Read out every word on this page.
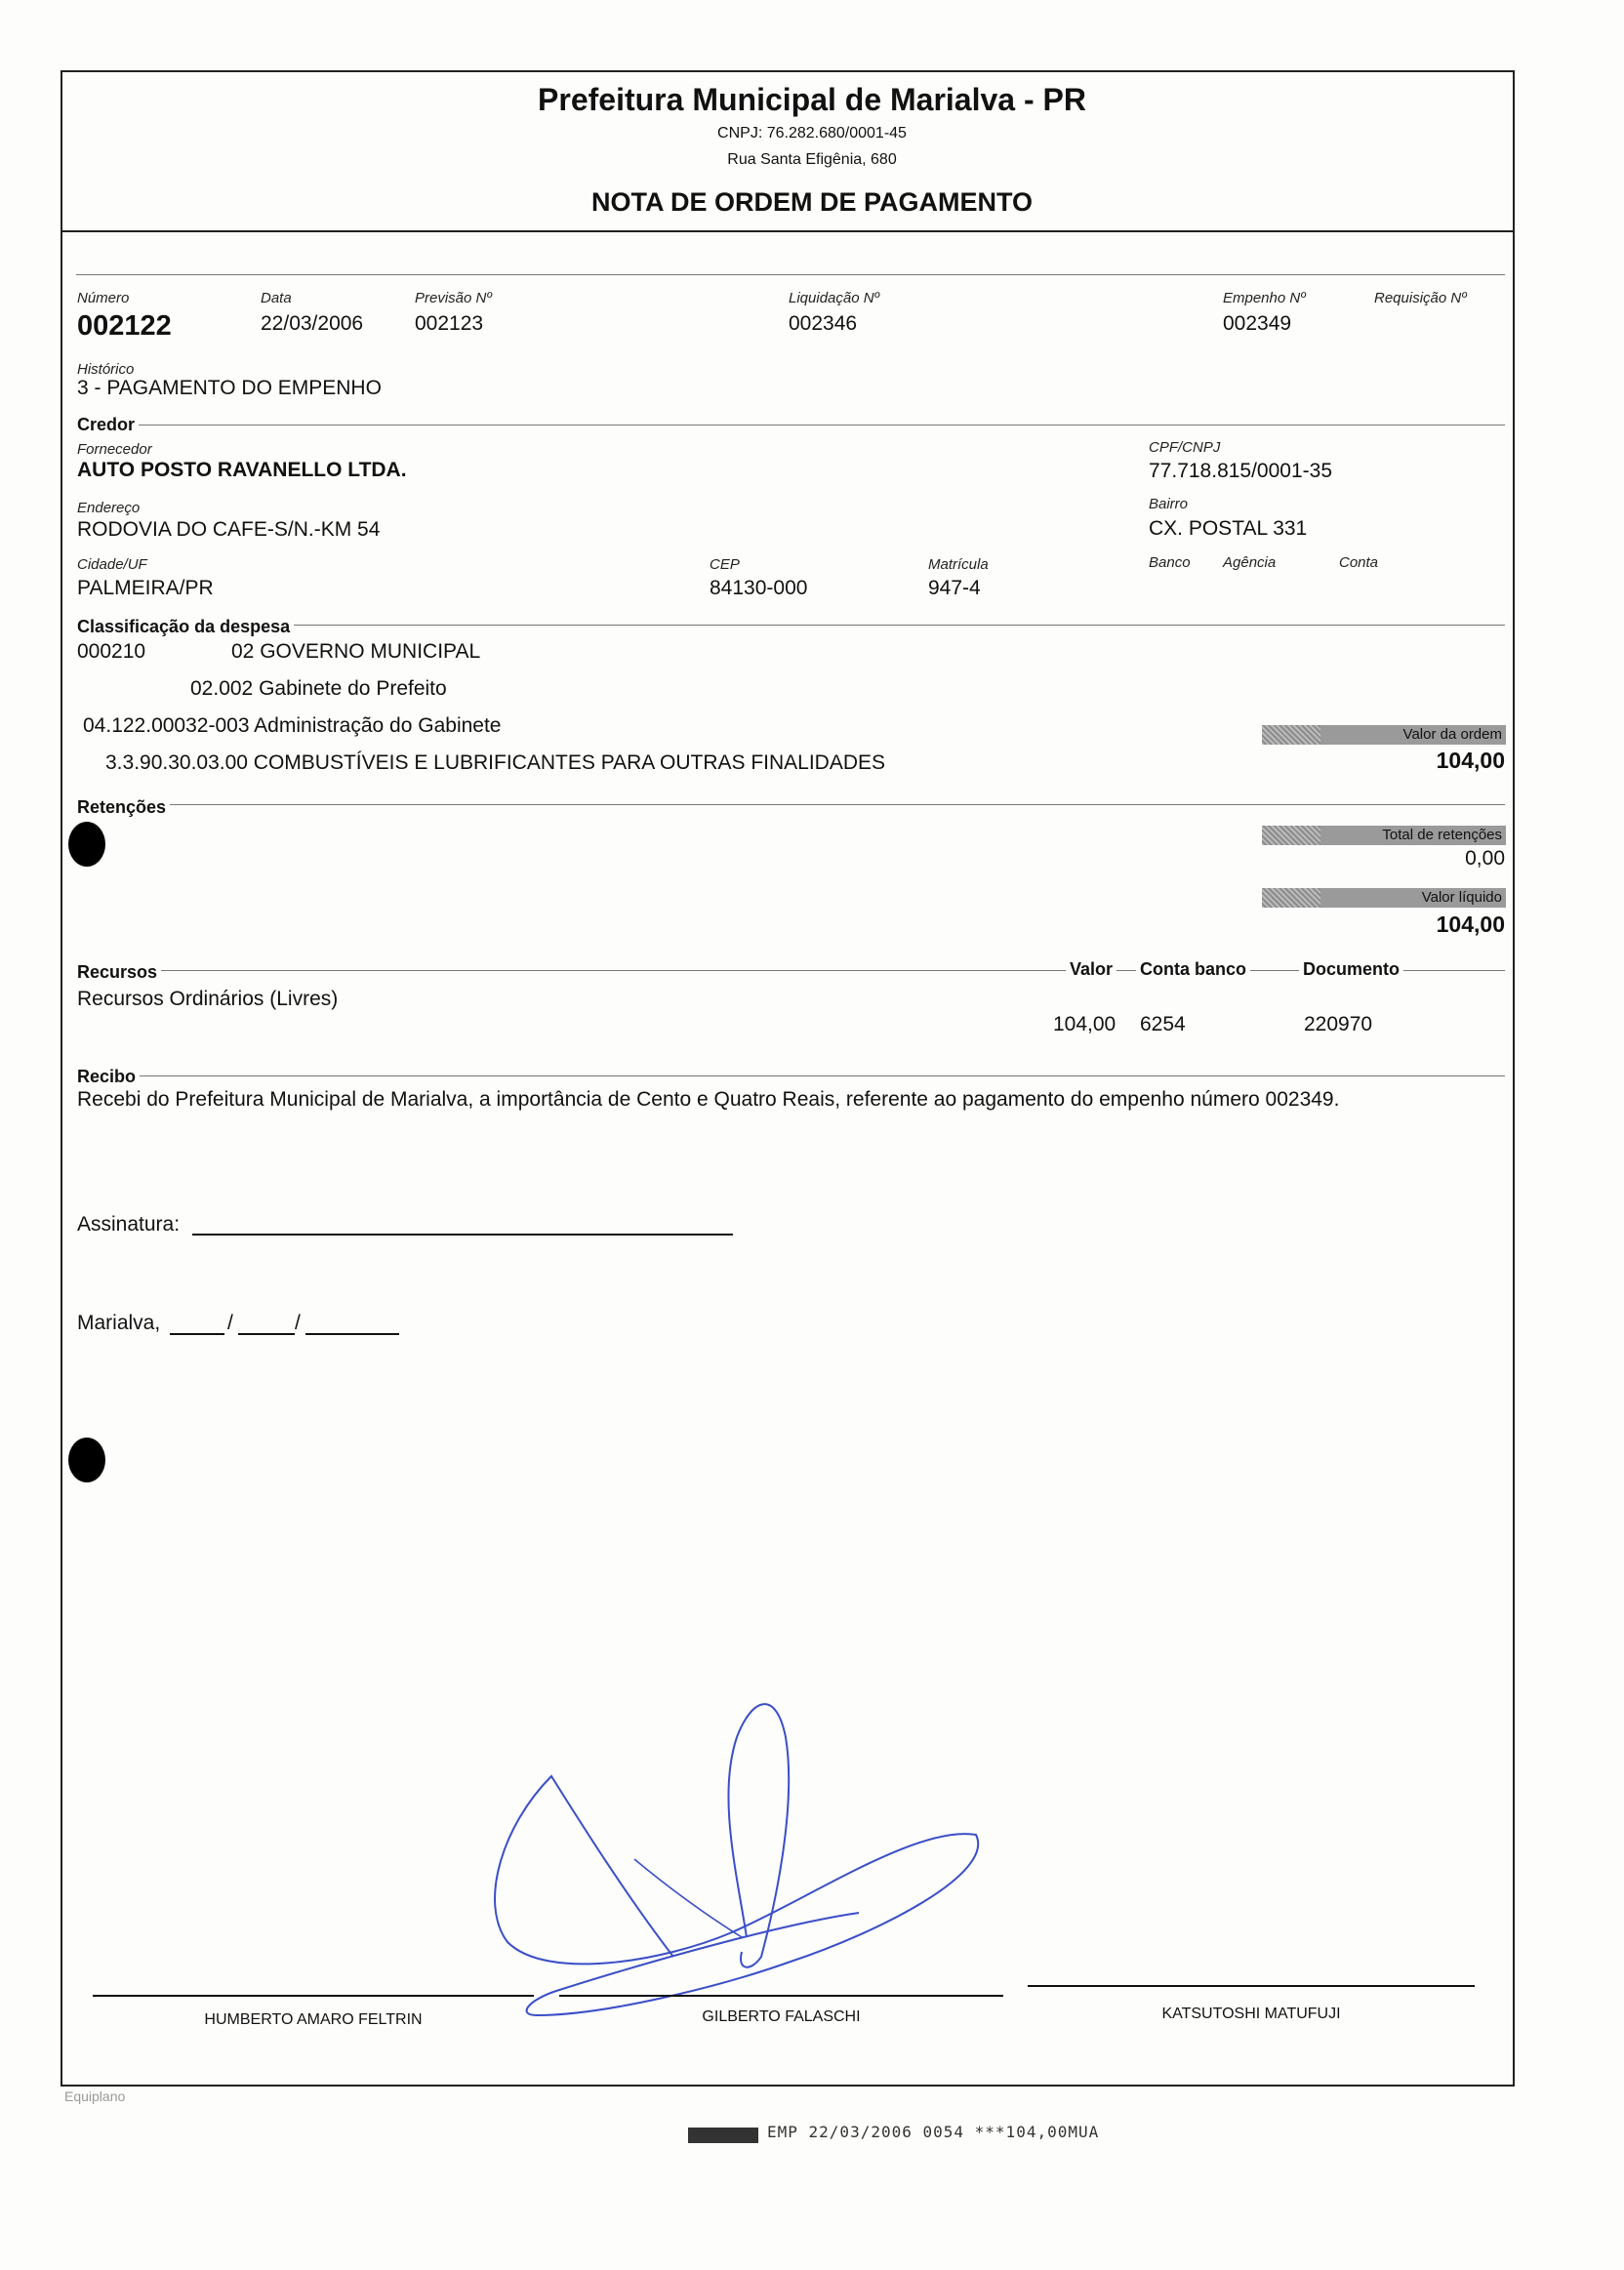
Prefeitura Municipal de Marialva - PR
CNPJ: 76.282.680/0001-45
Rua Santa Efigênia, 680
NOTA DE ORDEM DE PAGAMENTO
Número
002122
Data
22/03/2006
Previsão Nº
002123
Liquidação Nº
002346
Empenho Nº
002349
Requisição Nº
Histórico
3 - PAGAMENTO DO EMPENHO
Credor
Fornecedor
AUTO POSTO RAVANELLO LTDA.
CPF/CNPJ
77.718.815/0001-35
Endereço
RODOVIA DO CAFE-S/N.-KM 54
Bairro
CX. POSTAL 331
Cidade/UF
PALMEIRA/PR
CEP
84130-000
Matrícula
947-4
Banco Agência	Conta
Classificação da despesa
000210	02 GOVERNO MUNICIPAL
02.002 Gabinete do Prefeito
04.122.00032-003 Administração do Gabinete
3.3.90.30.03.00 COMBUSTÍVEIS E LUBRIFICANTES PARA OUTRAS FINALIDADES
Valor da ordem
104,00
Retenções
Total de retenções
0,00
Valor líquido
104,00
Recursos	Valor Conta banco	Documento
Recursos Ordinários (Livres)
104,00 6254	220970
Recibo
Recebi do Prefeitura Municipal de Marialva, a importância de Cento e Quatro Reais, referente ao pagamento do empenho número 002349.
Assinatura:
Marialva,	/	/
HUMBERTO AMARO FELTRIN	GILBERTO FALASCHI	KATSUTOSHI MATUFUJI
Equiplano
EMP 22/03/2006 0054 ***104,00MUA
